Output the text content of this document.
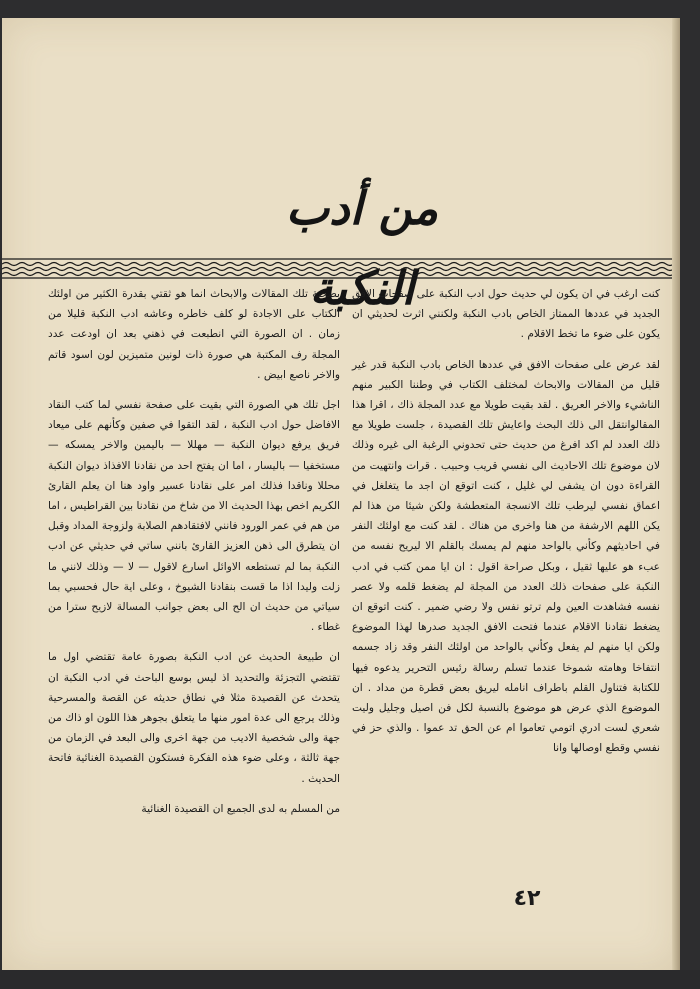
من أدب النكبة

كنت ارغب في ان يكون لي حديث حول ادب النكبة على صفحات الافق الجديد في عددها الممتاز الخاص بادب النكبة ولكنني اثرت لحديثي ان يكون على ضوء ما تخط الاقلام .

لقد عرض على صفحات الافق في عددها الخاص بادب النكبة قدر غير قليل من المقالات والابحاث لمختلف الكتاب في وطننا الكبير منهم الناشيء والاخر العريق . لقد بقيت طويلا مع عدد المجلة ذاك ، اقرا هذا المقالوانتقل الى ذلك البحث واعايش تلك القصيدة ، جلست طويلا مع ذلك العدد لم اكد افرغ من حديث حتى تحدوني الرغبة الى غيره وذلك لان موضوع تلك الاحاديث الى نفسي قريب وحبيب . قرات وانتهيت من القراءة دون ان يشفى لي غليل ، كنت اتوقع ان اجد ما يتغلغل في اعماق نفسي ليرطب تلك الانسجة المتعطشة ولكن شيئا من هذا لم يكن اللهم الارشفة من هنا واخرى من هناك . لقد كنت مع اولئك النفر في احاديثهم وكأني بالواحد منهم لم يمسك بالقلم الا ليريح نفسه من عبء هو عليها ثقيل ، وبكل صراحة اقول : ان ايا ممن كتب في ادب النكبة على صفحات ذلك العدد من المجلة لم يضغط قلمه ولا عصر نفسه فشاهدت العين ولم ترتو نفس ولا رضي ضمير . كنت اتوقع ان يضغط نقادنا الاقلام عندما فتحت الافق الجديد صدرها لهذا الموضوع ولكن ايا منهم لم يفعل وكأني بالواحد من اولئك النفر وقد زاد جسمه انتفاخا وهامته شموخا عندما تسلم رسالة رئيس التحرير يدعوه فيها للكتابة فتناول القلم باطراف انامله ليريق بعض قطرة من مداد . ان الموضوع الذي عرض هو موضوع بالنسبة لكل فن اصيل وجليل وليت شعري لست ادري اتومي تعاموا ام عن الحق تد عموا . والذي حز في نفسي وقطع اوصالها وانا

بصحبة تلك المقالات والابحاث انما هو ثقتي بقدرة الكثير من اولئك الكتاب على الاجادة لو كلف خاطره وعاشه ادب النكبة قليلا من زمان . ان الصورة التي انطبعت في ذهني بعد ان اودعت عدد المجلة رف المكتبة هي صورة ذات لونين متميزين لون اسود قاتم والاخر ناصع ابيض .

اجل تلك هي الصورة التي بقيت على صفحة نفسي لما كتب النقاد الافاضل حول ادب النكبة ، لقد التقوا في صفين وكأنهم على ميعاد فريق يرفع ديوان النكبة — مهللا — باليمين والاخر يمسكه — مستخفيا — باليسار ، اما ان يفتح احد من نقادنا الافذاذ ديوان النكبة محللا وناقدا فذلك امر على نقادنا عسير واود هنا ان يعلم القارئ الكريم اخص بهذا الحديث الا من شاخ من نقادنا بين القراطيس ، اما من هم في عمر الورود فانني لافتقادهم الصلابة ولزوجة المداد وقبل ان يتطرق الى ذهن العزيز القارئ بانني ساتي في حديثي عن ادب النكبة بما لم تستطعه الاوائل اسارع لاقول — لا — وذلك لانني ما زلت وليدا اذا ما قست بنقادنا الشيوخ ، وعلى اية حال فحسبي بما سياتي من حديث ان الح الى بعض جوانب المسالة لازيح سترا من غطاء .

ان طبيعة الحديث عن ادب النكبة بصورة عامة تقتضي اول ما تقتضي التجزئة والتحديد اذ ليس بوسع الباحث في ادب النكبة ان يتحدث عن القصيدة مثلا في نطاق حديثه عن القصة والمسرحية وذلك يرجع الى عدة امور منها ما يتعلق بجوهر هذا اللون او ذاك من جهة والى شخصية الاديب من جهة اخرى والى البعد في الزمان من جهة ثالثة ، وعلى ضوء هذه الفكرة فستكون القصيدة الغنائية فاتحة الحديث .

من المسلم به لدى الجميع ان القصيدة الغنائية

٤٢
